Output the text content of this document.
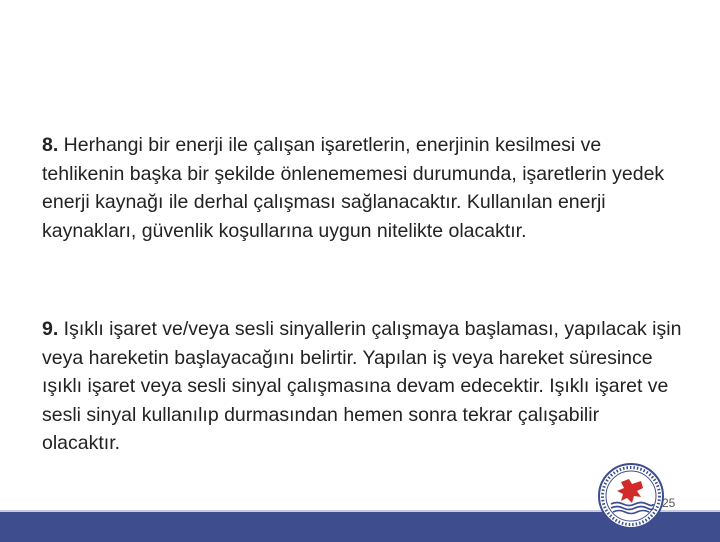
8. Herhangi bir enerji ile çalışan işaretlerin, enerjinin kesilmesi ve tehlikenin başka bir şekilde önlenememesi durumunda, işaretlerin yedek enerji kaynağı ile derhal çalışması sağlanacaktır. Kullanılan enerji kaynakları, güvenlik koşullarına uygun nitelikte olacaktır.
9. Işıklı işaret ve/veya sesli sinyallerin çalışmaya başlaması, yapılacak işin veya hareketin başlayacağını belirtir. Yapılan iş veya hareket süresince ışıklı işaret veya sesli sinyal çalışmasına devam edecektir. Işıklı işaret ve sesli sinyal kullanılıp durmasından hemen sonra tekrar çalışabilir olacaktır.
25
